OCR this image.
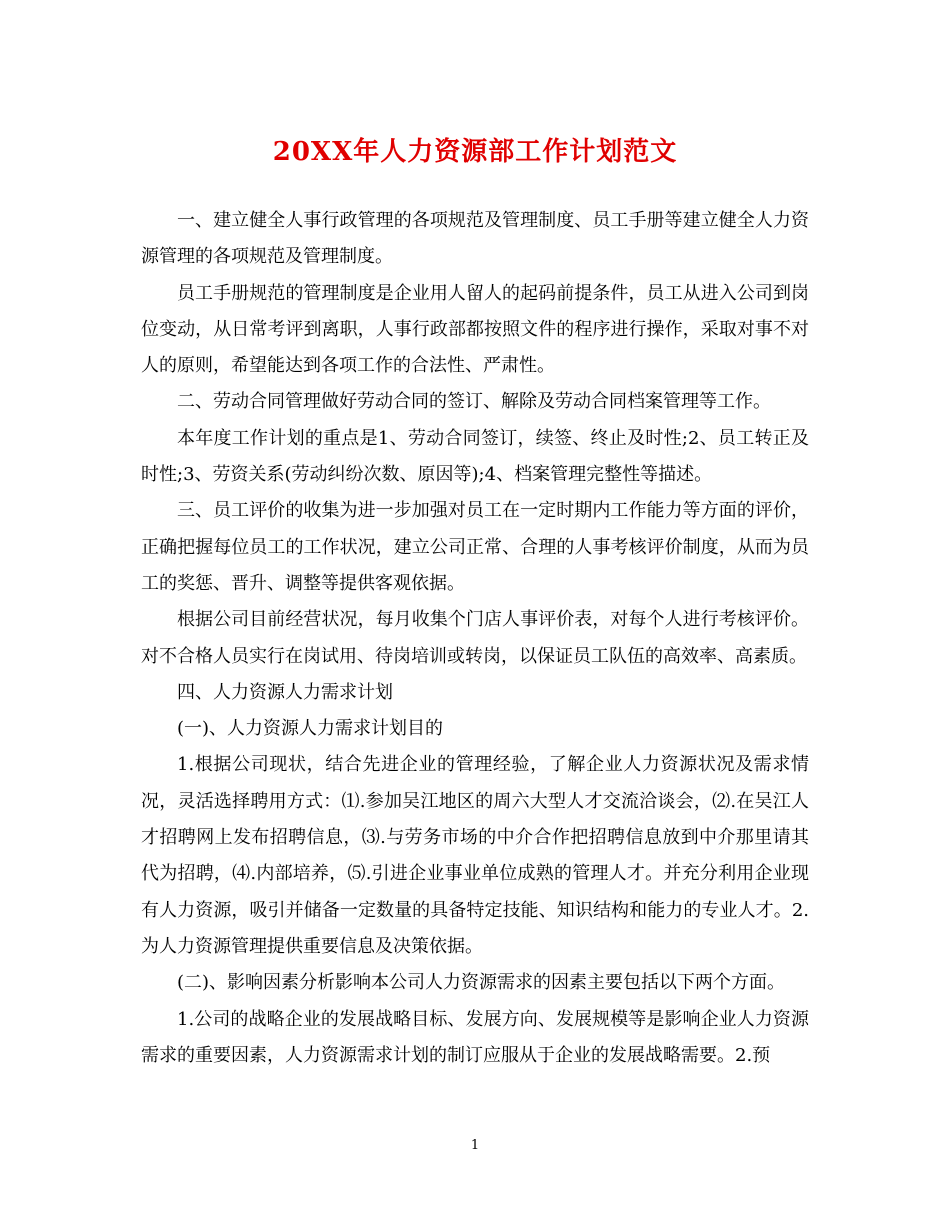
20XX年人力资源部工作计划范文

一、建立健全人事行政管理的各项规范及管理制度、员工手册等建立健全人力资源管理的各项规范及管理制度。

员工手册规范的管理制度是企业用人留人的起码前提条件，员工从进入公司到岗位变动，从日常考评到离职，人事行政部都按照文件的程序进行操作，采取对事不对人的原则，希望能达到各项工作的合法性、严肃性。

二、劳动合同管理做好劳动合同的签订、解除及劳动合同档案管理等工作。

本年度工作计划的重点是1、劳动合同签订，续签、终止及时性;2、员工转正及时性;3、劳资关系(劳动纠纷次数、原因等);4、档案管理完整性等描述。

三、员工评价的收集为进一步加强对员工在一定时期内工作能力等方面的评价，正确把握每位员工的工作状况，建立公司正常、合理的人事考核评价制度，从而为员工的奖惩、晋升、调整等提供客观依据。

根据公司目前经营状况，每月收集个门店人事评价表，对每个人进行考核评价。对不合格人员实行在岗试用、待岗培训或转岗，以保证员工队伍的高效率、高素质。

四、人力资源人力需求计划

(一)、人力资源人力需求计划目的

1.根据公司现状，结合先进企业的管理经验，了解企业人力资源状况及需求情况，灵活选择聘用方式：⑴.参加吴江地区的周六大型人才交流洽谈会，⑵.在吴江人才招聘网上发布招聘信息，⑶.与劳务市场的中介合作把招聘信息放到中介那里请其代为招聘，⑷.内部培养，⑸.引进企业事业单位成熟的管理人才。并充分利用企业现有人力资源，吸引并储备一定数量的具备特定技能、知识结构和能力的专业人才。2.为人力资源管理提供重要信息及决策依据。

(二)、影响因素分析影响本公司人力资源需求的因素主要包括以下两个方面。

1.公司的战略企业的发展战略目标、发展方向、发展规模等是影响企业人力资源需求的重要因素，人力资源需求计划的制订应服从于企业的发展战略需要。2.预

1
